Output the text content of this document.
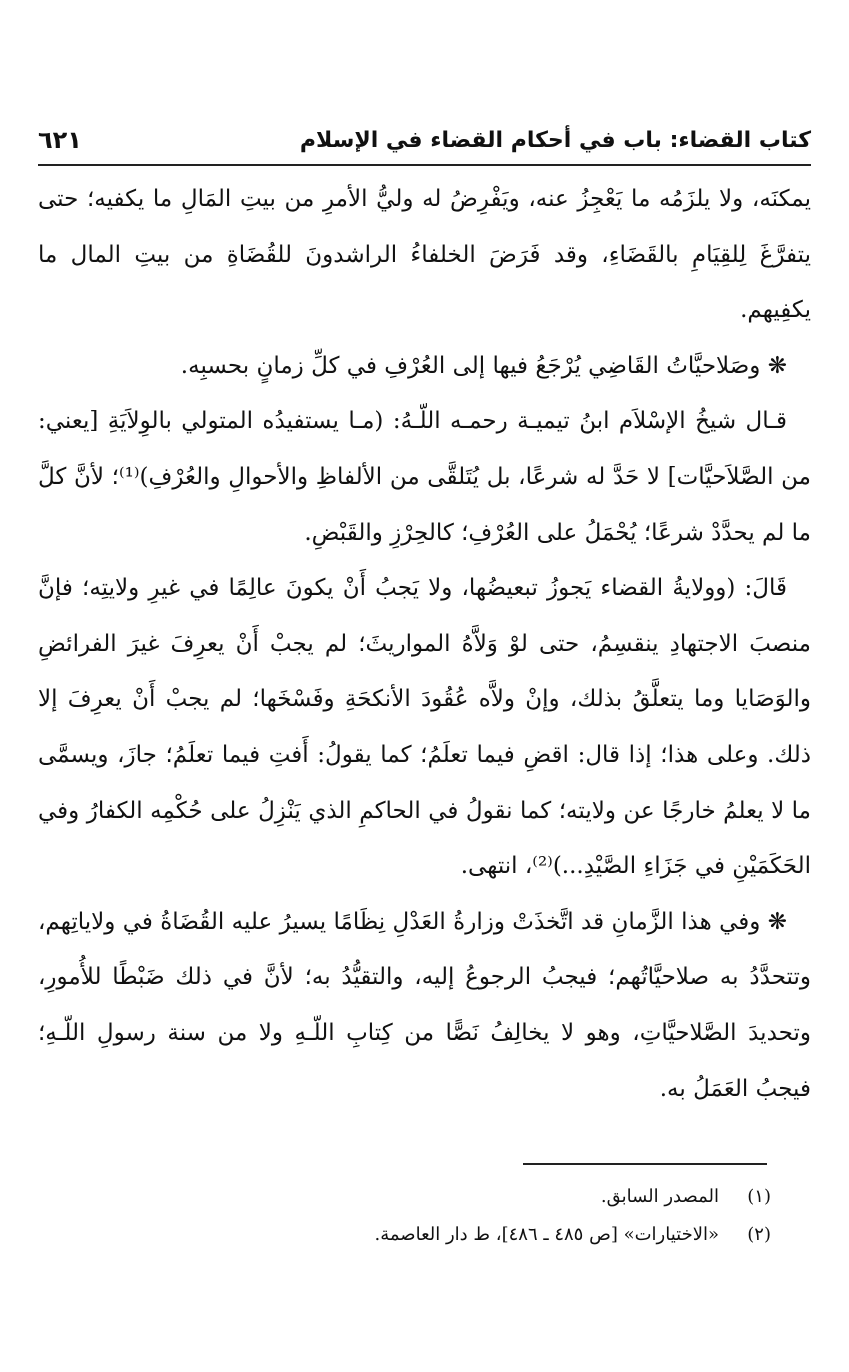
كتاب القضاء: باب في أحكام القضاء في الإسلام
٦٢١

يمكنَه، ولا يلزَمُه ما يَعْجِزُ عنه، ويَفْرِضُ له وليُّ الأمرِ من بيتِ المَالِ ما يكفيه؛ حتى يتفرَّغَ لِلقِيَامِ بالقَضَاءِ، وقد فَرَضَ الخلفاءُ الراشدونَ للقُضَاةِ من بيتِ المال ما يكفِيهم.

❋ وصَلاحيَّاتُ القَاضِي يُرْجَعُ فيها إلى العُرْفِ في كلِّ زمانٍ بحسبِه.

قـال شيخُ الإسْلاَم ابنُ تيميـة رحمـه اللّـهُ: (مـا يستفيدُه المتولي بالوِلاَيَةِ [يعني: من الصَّلاَحيَّات] لا حَدَّ له شرعًا، بل يُتَلقَّى من الألفاظِ والأحوالِ والعُرْفِ)⁽¹⁾؛ لأنَّ كلَّ ما لم يحدَّدْ شرعًا؛ يُحْمَلُ على العُرْفِ؛ كالحِرْزِ والقَبْضِ.

قَالَ: (وولايةُ القضاء يَجوزُ تبعيضُها، ولا يَجبُ أَنْ يكونَ عالِمًا في غيرِ ولايتِه؛ فإنَّ منصبَ الاجتهادِ ينقسِمُ، حتى لوْ وَلاَّهُ المواريثَ؛ لم يجبْ أَنْ يعرِفَ غيرَ الفرائضِ والوَصَايا وما يتعلَّقُ بذلك، وإنْ ولاَّه عُقُودَ الأنكحَةِ وفَسْخَها؛ لم يجبْ أَنْ يعرِفَ إلا ذلك. وعلى هذا؛ إذا قال: اقضِ فيما تعلَمُ؛ كما يقولُ: أَفتِ فيما تعلَمُ؛ جازَ، ويسمَّى ما لا يعلمُ خارجًا عن ولايته؛ كما نقولُ في الحاكمِ الذي يَنْزِلُ على حُكْمِه الكفارُ وفي الحَكَمَيْنِ في جَزَاءِ الصَّيْدِ...)⁽²⁾، انتهى.

❋ وفي هذا الزَّمانِ قد اتَّخذَتْ وزارةُ العَدْلِ نِظَامًا يسيرُ عليه القُضَاةُ في ولاياتِهم، وتتحدَّدُ به صلاحيَّاتُهم؛ فيجبُ الرجوعُ إليه، والتقيُّدُ به؛ لأنَّ في ذلك ضَبْطًا للأُمورِ، وتحديدَ الصَّلاحيَّاتِ، وهو لا يخالِفُ نَصًّا من كِتابِ اللّـهِ ولا من سنة رسولِ اللّـهِ؛ فيجبُ العَمَلُ به.

(١)
المصدر السابق.
(٢)
«الاختيارات» [ص ٤٨٥ ـ ٤٨٦]، ط دار العاصمة.
